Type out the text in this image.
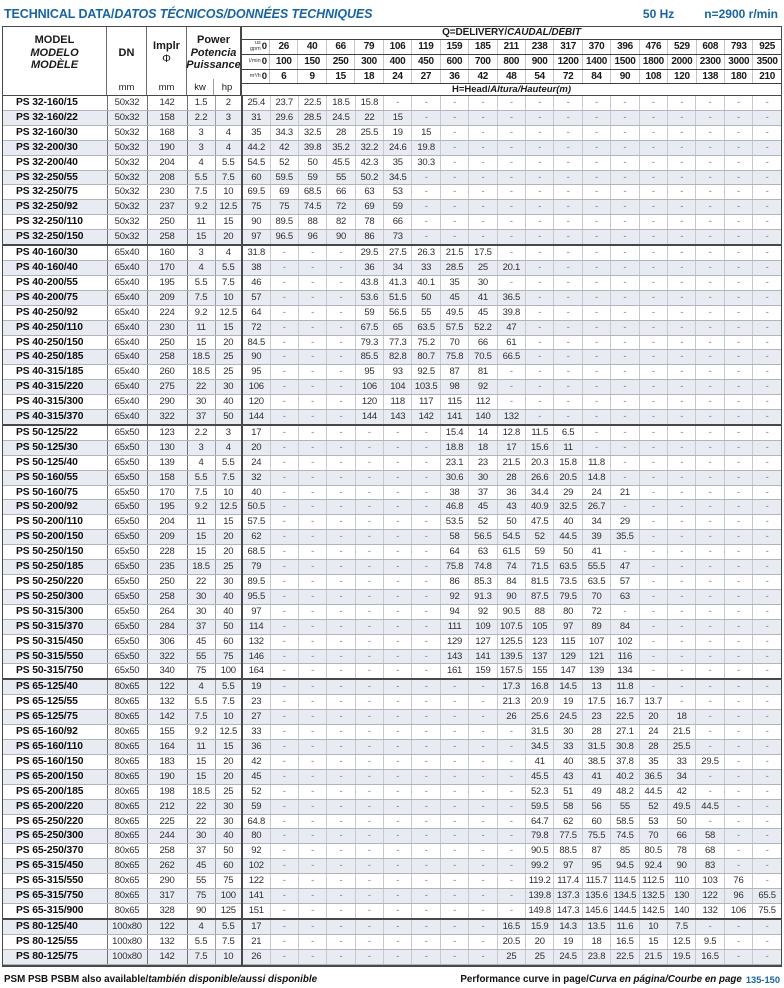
TECHNICAL DATA/DATOS TÉCNICOS/DONNÉES TECHNIQUES	50 Hz	n=2900 r/min
MODEL
MODELO
MODÈLE
DN
mm
Implr
Φ
mm
Power
Potencia
Puissance
kw	hp
Q=DELIVERY/CAUDAL/DÉBIT
us
gpm 0	26	40	66	79	106	119	159	185	211	238	317	370	396	476	529	608	793	925
l/min 0 100	150	250	300	400	450	600	700	800	900	1200 1400 1500 1800 2000 2300 3000 3500
m³/h 0	6	9	15	18	24	27	36	42	48	54	72	84	90	108	120	138	180	210
H=Head/Altura/Hauteur(m)
PS 32-160/15	50x32	142	1.5	2	25.4	23.7	22.5	18.5	15.8	-	-	-	-	-	-	-	-	-	-	-	-	-	-
PS 32-160/22	50x32	158	2.2	3	31	29.6	28.5	24.5	22	15	-	-	-	-	-	-	-	-	-	-	-	-	-
PS 32-160/30	50x32	168	3	4	35	34.3	32.5	28	25.5	19	15	-	-	-	-	-	-	-	-	-	-	-	-
PS 32-200/30	50x32	190	3	4	44.2	42	39.8	35.2	32.2	24.6	19.8	-	-	-	-	-	-	-	-	-	-	-	-
PS 32-200/40	50x32	204	4	5.5	54.5	52	50	45.5	42.3	35	30.3	-	-	-	-	-	-	-	-	-	-	-	-
PS 32-250/55	50x32	208	5.5	7.5	60	59.5	59	55	50.2	34.5	-	-	-	-	-	-	-	-	-	-	-	-	-
PS 32-250/75	50x32	230	7.5	10	69.5	69	68.5	66	63	53	-	-	-	-	-	-	-	-	-	-	-	-	-
PS 32-250/92	50x32	237	9.2	12.5	75	75	74.5	72	69	59	-	-	-	-	-	-	-	-	-	-	-	-	-
PS 32-250/110	50x32	250	11	15	90	89.5	88	82	78	66	-	-	-	-	-	-	-	-	-	-	-	-	-
PS 32-250/150	50x32	258	15	20	97	96.5	96	90	86	73	-	-	-	-	-	-	-	-	-	-	-	-	-
PS 40-160/30	65x40	160	3	4	31.8	-	-	-	29.5	27.5	26.3	21.5	17.5	-	-	-	-	-	-	-	-	-	-
PS 40-160/40	65x40	170	4	5.5	38	-	-	-	36	34	33	28.5	25	20.1	-	-	-	-	-	-	-	-	-
PS 40-200/55	65x40	195	5.5	7.5	46	-	-	-	43.8	41.3	40.1	35	30	-	-	-	-	-	-	-	-	-	-
PS 40-200/75	65x40	209	7.5	10	57	-	-	-	53.6	51.5	50	45	41	36.5	-	-	-	-	-	-	-	-	-
PS 40-250/92	65x40	224	9.2	12.5	64	-	-	-	59	56.5	55	49.5	45	39.8	-	-	-	-	-	-	-	-	-
PS 40-250/110	65x40	230	11	15	72	-	-	-	67.5	65	63.5	57.5	52.2	47	-	-	-	-	-	-	-	-	-
PS 40-250/150	65x40	250	15	20	84.5	-	-	-	79.3	77.3	75.2	70	66	61	-	-	-	-	-	-	-	-	-
PS 40-250/185	65x40	258	18.5	25	90	-	-	-	85.5	82.8	80.7	75.8	70.5	66.5	-	-	-	-	-	-	-	-	-
PS 40-315/185	65x40	260	18.5	25	95	-	-	-	95	93	92.5	87	81	-	-	-	-	-	-	-	-	-	-
PS 40-315/220	65x40	275	22	30	106	-	-	-	106	104	103.5	98	92	-	-	-	-	-	-	-	-	-	-
PS 40-315/300	65x40	290	30	40	120	-	-	-	120	118	117	115	112	-	-	-	-	-	-	-	-	-	-
PS 40-315/370	65x40	322	37	50	144	-	-	-	144	143	142	141	140	132	-	-	-	-	-	-	-	-	-
PS 50-125/22	65x50	123	2.2	3	17	-	-	-	-	-	-	15.4	14	12.8	11.5	6.5	-	-	-	-	-	-	-
PS 50-125/30	65x50	130	3	4	20	-	-	-	-	-	-	18.8	18	17	15.6	11	-	-	-	-	-	-	-
PS 50-125/40	65x50	139	4	5.5	24	-	-	-	-	-	-	23.1	23	21.5	20.3	15.8	11.8	-	-	-	-	-	-
PS 50-160/55	65x50	158	5.5	7.5	32	-	-	-	-	-	-	30.6	30	28	26.6	20.5	14.8	-	-	-	-	-	-
PS 50-160/75	65x50	170	7.5	10	40	-	-	-	-	-	-	38	37	36	34.4	29	24	21	-	-	-	-	-
PS 50-200/92	65x50	195	9.2	12.5	50.5	-	-	-	-	-	-	46.8	45	43	40.9	32.5	26.7	-	-	-	-	-	-
PS 50-200/110	65x50	204	11	15	57.5	-	-	-	-	-	-	53.5	52	50	47.5	40	34	29	-	-	-	-	-
PS 50-200/150	65x50	209	15	20	62	-	-	-	-	-	-	58	56.5	54.5	52	44.5	39	35.5	-	-	-	-	-
PS 50-250/150	65x50	228	15	20	68.5	-	-	-	-	-	-	64	63	61.5	59	50	41	-	-	-	-	-	-
PS 50-250/185	65x50	235	18.5	25	79	-	-	-	-	-	-	75.8	74.8	74	71.5	63.5	55.5	47	-	-	-	-	-
PS 50-250/220	65x50	250	22	30	89.5	-	-	-	-	-	-	86	85.3	84	81.5	73.5	63.5	57	-	-	-	-	-
PS 50-250/300	65x50	258	30	40	95.5	-	-	-	-	-	-	92	91.3	90	87.5	79.5	70	63	-	-	-	-	-
PS 50-315/300	65x50	264	30	40	97	-	-	-	-	-	-	94	92	90.5	88	80	72	-	-	-	-	-	-
PS 50-315/370	65x50	284	37	50	114	-	-	-	-	-	-	111	109	107.5	105	97	89	84	-	-	-	-	-
PS 50-315/450	65x50	306	45	60	132	-	-	-	-	-	-	129	127	125.5	123	115	107	102	-	-	-	-	-
PS 50-315/550	65x50	322	55	75	146	-	-	-	-	-	-	143	141	139.5	137	129	121	116	-	-	-	-	-
PS 50-315/750	65x50	340	75	100	164	-	-	-	-	-	-	161	159	157.5	155	147	139	134	-	-	-	-	-
PS 65-125/40	80x65	122	4	5.5	19	-	-	-	-	-	-	-	-	17.3	16.8	14.5	13	11.8	-	-	-	-	-
PS 65-125/55	80x65	132	5.5	7.5	23	-	-	-	-	-	-	-	-	21.3	20.9	19	17.5	16.7	13.7	-	-	-	-
PS 65-125/75	80x65	142	7.5	10	27	-	-	-	-	-	-	-	-	26	25.6	24.5	23	22.5	20	18	-	-	-
PS 65-160/92	80x65	155	9.2	12.5	33	-	-	-	-	-	-	-	-	-	31.5	30	28	27.1	24	21.5	-	-	-
PS 65-160/110	80x65	164	11	15	36	-	-	-	-	-	-	-	-	-	34.5	33	31.5	30.8	28	25.5	-	-	-
PS 65-160/150	80x65	183	15	20	42	-	-	-	-	-	-	-	-	-	41	40	38.5	37.8	35	33	29.5	-	-
PS 65-200/150	80x65	190	15	20	45	-	-	-	-	-	-	-	-	-	45.5	43	41	40.2	36.5	34	-	-	-
PS 65-200/185	80x65	198	18.5	25	52	-	-	-	-	-	-	-	-	-	52.3	51	49	48.2	44.5	42	-	-	-
PS 65-200/220	80x65	212	22	30	59	-	-	-	-	-	-	-	-	-	59.5	58	56	55	52	49.5	44.5	-	-
PS 65-250/220	80x65	225	22	30	64.8	-	-	-	-	-	-	-	-	-	64.7	62	60	58.5	53	50	-	-	-
PS 65-250/300	80x65	244	30	40	80	-	-	-	-	-	-	-	-	-	79.8	77.5	75.5	74.5	70	66	58	-	-
PS 65-250/370	80x65	258	37	50	92	-	-	-	-	-	-	-	-	-	90.5	88.5	87	85	80.5	78	68	-	-
PS 65-315/450	80x65	262	45	60	102	-	-	-	-	-	-	-	-	-	99.2	97	95	94.5	92.4	90	83	-	-
PS 65-315/550	80x65	290	55	75	122	-	-	-	-	-	-	-	-	-	119.2	117.4	115.7	114.5	112.5	110	103	76	-
PS 65-315/750	80x65	317	75	100	141	-	-	-	-	-	-	-	-	-	139.8	137.3	135.6	134.5	132.5	130	122	96	65.5
PS 65-315/900	80x65	328	90	125	151	-	-	-	-	-	-	-	-	-	149.8	147.3	145.6	144.5	142.5	140	132	106	75.5
PS 80-125/40	100x80	122	4	5.5	17	-	-	-	-	-	-	-	-	16.5	15.9	14.3	13.5	11.6	10	7.5	-	-	-
PS 80-125/55	100x80	132	5.5	7.5	21	-	-	-	-	-	-	-	-	20.5	20	19	18	16.5	15	12.5	9.5	-	-
PS 80-125/75	100x80	142	7.5	10	26	-	-	-	-	-	-	-	-	25	25	24.5	23.8	22.5	21.5	19.5	16.5	-	-
PSM PSB PSBM also available/también disponible/aussi disponible	Performance curve in page/Curva en página/Courbe en page 135-150
